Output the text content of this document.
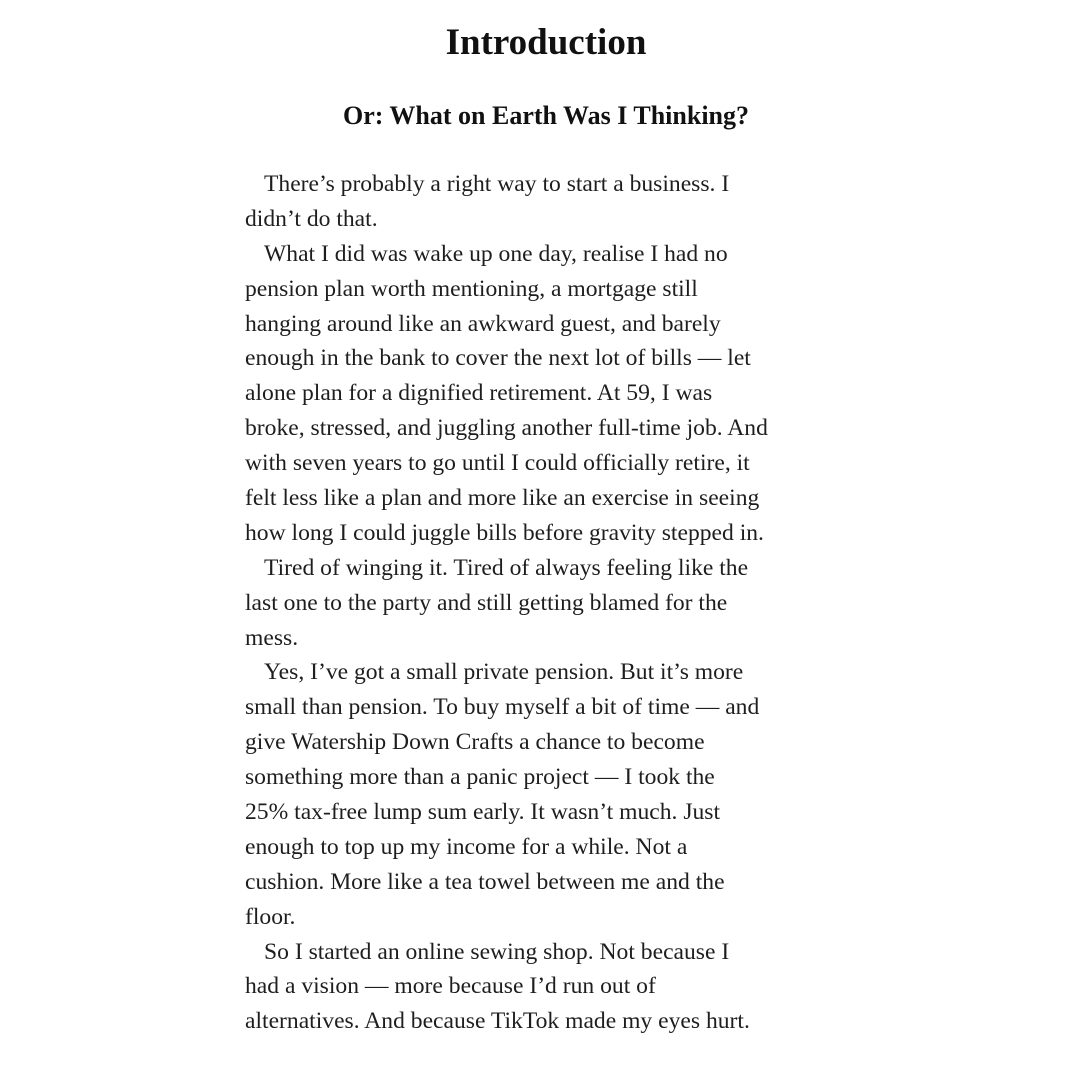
Introduction
Or: What on Earth Was I Thinking?
There’s probably a right way to start a business. I
didn’t do that.
What I did was wake up one day, realise I had no
pension plan worth mentioning, a mortgage still
hanging around like an awkward guest, and barely
enough in the bank to cover the next lot of bills — let
alone plan for a dignified retirement. At 59, I was
broke, stressed, and juggling another full-time job. And
with seven years to go until I could officially retire, it
felt less like a plan and more like an exercise in seeing
how long I could juggle bills before gravity stepped in.
Tired of winging it. Tired of always feeling like the
last one to the party and still getting blamed for the
mess.
Yes, I’ve got a small private pension. But it’s more
small than pension. To buy myself a bit of time — and
give Watership Down Crafts a chance to become
something more than a panic project — I took the
25% tax-free lump sum early. It wasn’t much. Just
enough to top up my income for a while. Not a
cushion. More like a tea towel between me and the
floor.
So I started an online sewing shop. Not because I
had a vision — more because I’d run out of
alternatives. And because TikTok made my eyes hurt.
